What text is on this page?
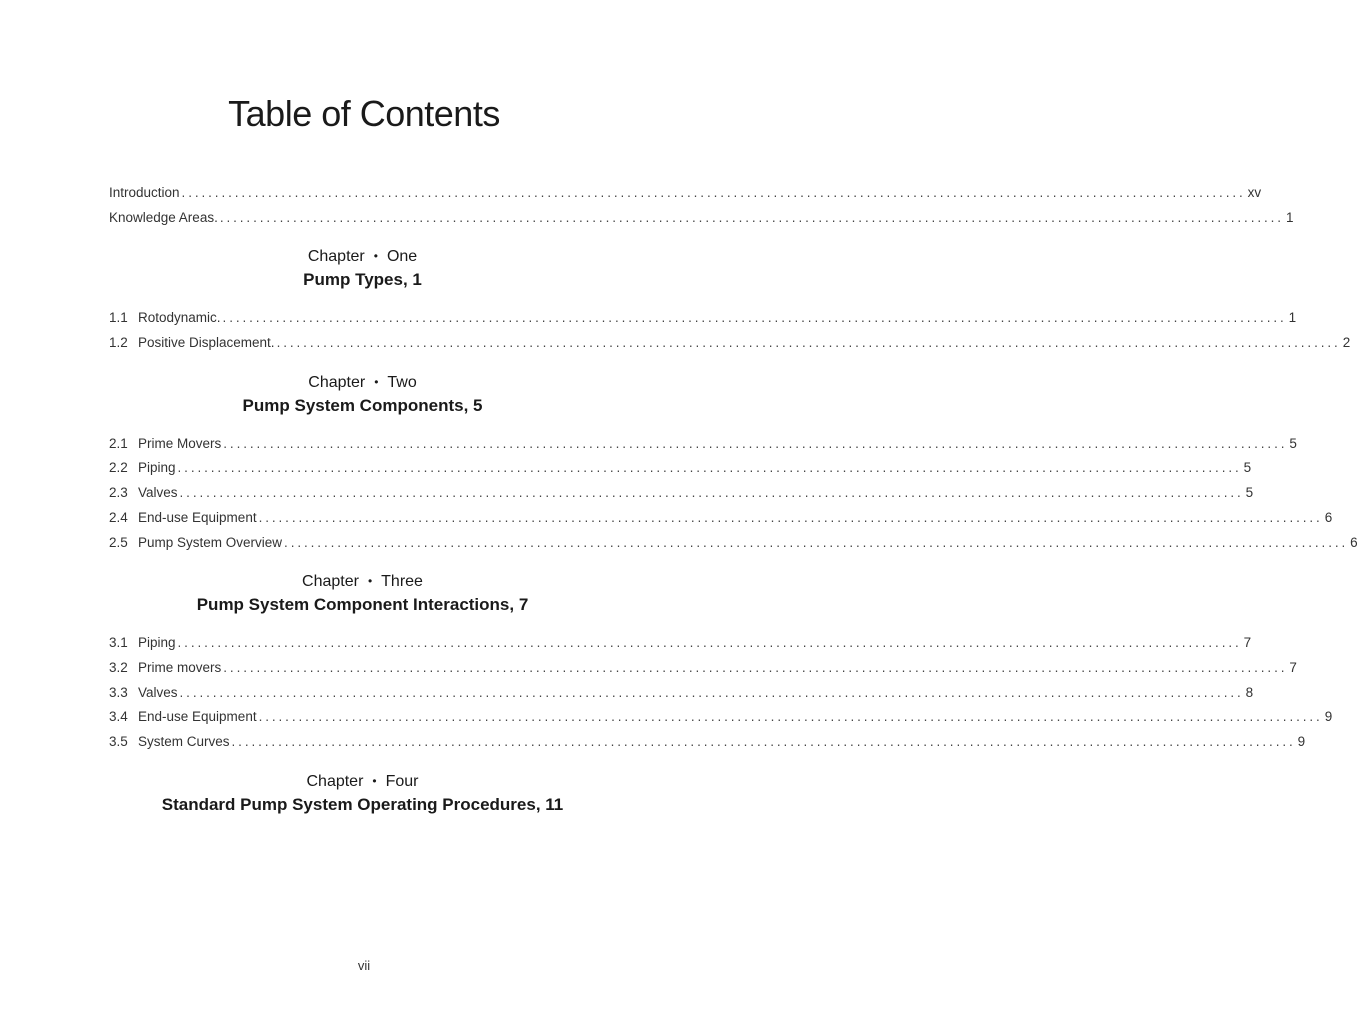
Table of Contents
Introduction ................................................................................................................................................................ xv
Knowledge Areas. ................................................................................................................................................................ 1
Chapter • One
Pump Types, 1
1.1 Rotodynamic. ................................................................................................................................................................ 1
1.2 Positive Displacement. ................................................................................................................................................................ 2
Chapter • Two
Pump System Components, 5
2.1 Prime Movers ................................................................................................................................................................ 5
2.2 Piping ................................................................................................................................................................ 5
2.3 Valves ................................................................................................................................................................ 5
2.4 End-use Equipment ................................................................................................................................................................ 6
2.5 Pump System Overview ................................................................................................................................................................ 6
Chapter • Three
Pump System Component Interactions, 7
3.1 Piping ................................................................................................................................................................ 7
3.2 Prime movers ................................................................................................................................................................ 7
3.3 Valves ................................................................................................................................................................ 8
3.4 End-use Equipment ................................................................................................................................................................ 9
3.5 System Curves ................................................................................................................................................................ 9
Chapter • Four
Standard Pump System Operating Procedures, 11
vii
